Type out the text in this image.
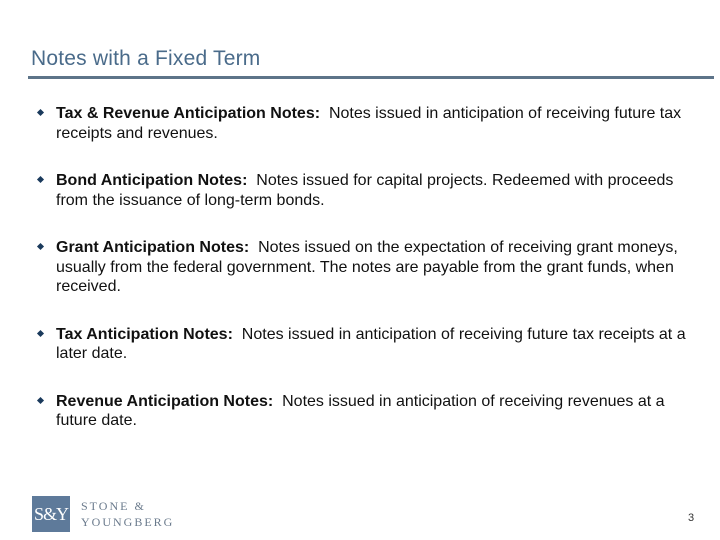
Notes with a Fixed Term
Tax & Revenue Anticipation Notes: Notes issued in anticipation of receiving future tax receipts and revenues.
Bond Anticipation Notes: Notes issued for capital projects. Redeemed with proceeds from the issuance of long-term bonds.
Grant Anticipation Notes: Notes issued on the expectation of receiving grant moneys, usually from the federal government. The notes are payable from the grant funds, when received.
Tax Anticipation Notes: Notes issued in anticipation of receiving future tax receipts at a later date.
Revenue Anticipation Notes: Notes issued in anticipation of receiving revenues at a future date.
S&Y STONE &
YOUNGBERG	3
